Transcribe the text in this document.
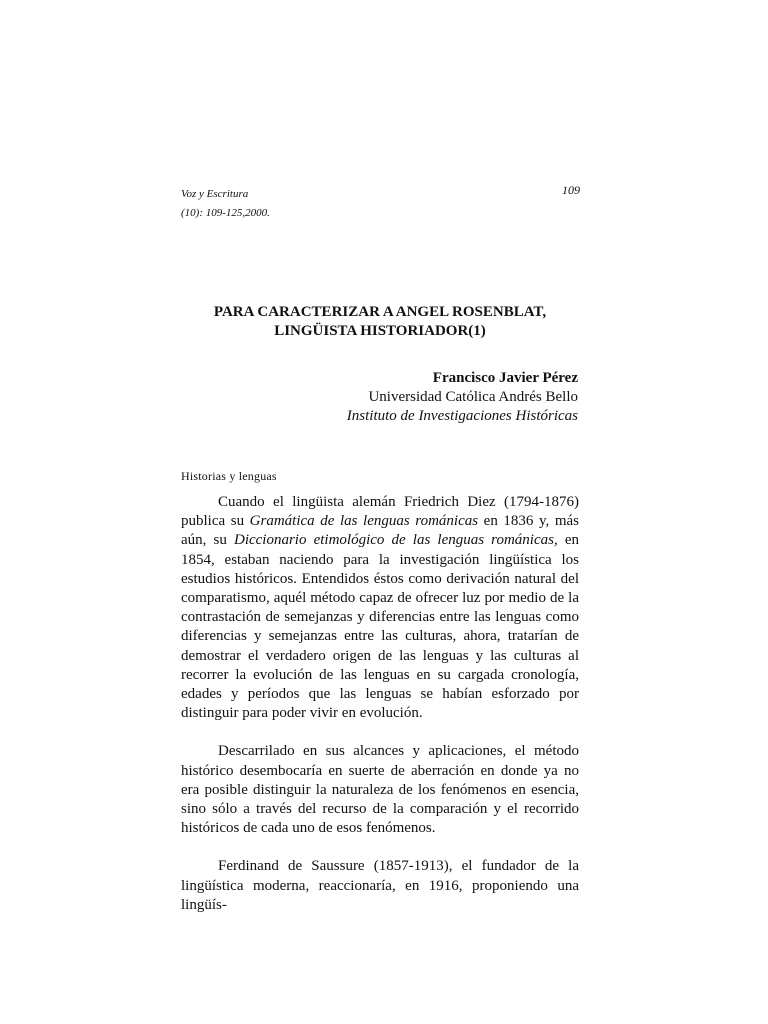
Voz y Escritura
(10): 109-125,2000.
109
PARA CARACTERIZAR A ANGEL ROSENBLAT,
LINGÜISTA HISTORIADOR(1)
Francisco Javier Pérez
Universidad Católica Andrés Bello
Instituto de Investigaciones Históricas
Historias y lenguas

Cuando el lingüista alemán Friedrich Diez (1794-1876) publica su Gramática de las lenguas románicas en 1836 y, más aún, su Diccionario etimológico de las lenguas románicas, en 1854, estaban naciendo para la investigación lingüística los estudios históricos. Entendidos éstos como derivación natural del comparatismo, aquél método capaz de ofrecer luz por medio de la contrastación de semejanzas y diferencias entre las lenguas como diferencias y semejanzas entre las culturas, ahora, tratarían de demostrar el verdadero origen de las lenguas y las culturas al recorrer la evolución de las lenguas en su cargada cronología, edades y períodos que las lenguas se habían esforzado por distinguir para poder vivir en evolución.

Descarrilado en sus alcances y aplicaciones, el método histórico desembocaría en suerte de aberración en donde ya no era posible distinguir la naturaleza de los fenómenos en esencia, sino sólo a través del recurso de la comparación y el recorrido históricos de cada uno de esos fenómenos.

Ferdinand de Saussure (1857-1913), el fundador de la lingüística moderna, reaccionaría, en 1916, proponiendo una lingüís-
